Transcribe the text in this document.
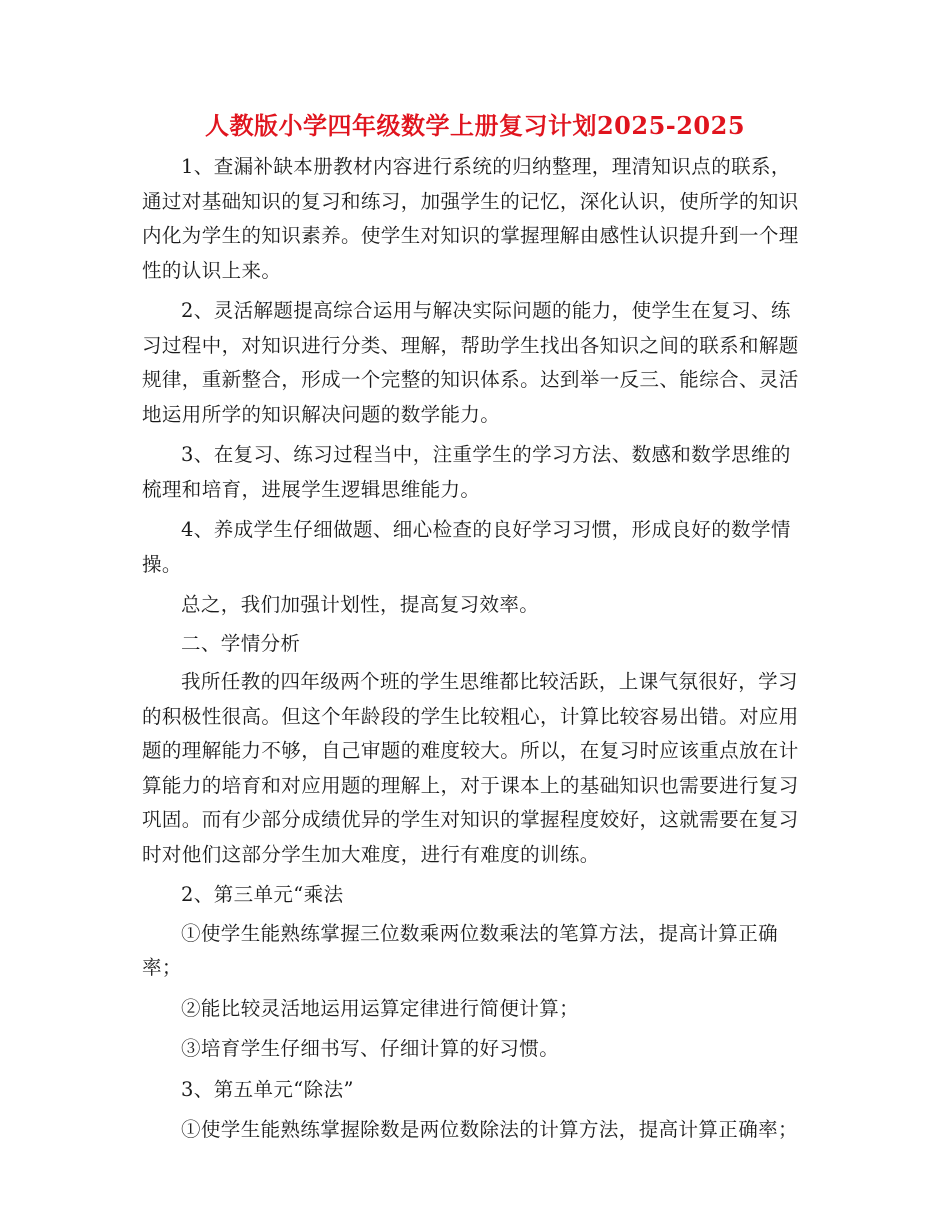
人教版小学四年级数学上册复习计划2025-2025

1、查漏补缺本册教材内容进行系统的归纳整理，理清知识点的联系，通过对基础知识的复习和练习，加强学生的记忆，深化认识，使所学的知识内化为学生的知识素养。使学生对知识的掌握理解由感性认识提升到一个理性的认识上来。

2、灵活解题提高综合运用与解决实际问题的能力，使学生在复习、练习过程中，对知识进行分类、理解，帮助学生找出各知识之间的联系和解题规律，重新整合，形成一个完整的知识体系。达到举一反三、能综合、灵活地运用所学的知识解决问题的数学能力。

3、在复习、练习过程当中，注重学生的学习方法、数感和数学思维的梳理和培育，进展学生逻辑思维能力。

4、养成学生仔细做题、细心检查的良好学习习惯，形成良好的数学情操。

总之，我们加强计划性，提高复习效率。

二、学情分析

我所任教的四年级两个班的学生思维都比较活跃，上课气氛很好，学习的积极性很高。但这个年龄段的学生比较粗心，计算比较容易出错。对应用题的理解能力不够，自己审题的难度较大。所以，在复习时应该重点放在计算能力的培育和对应用题的理解上，对于课本上的基础知识也需要进行复习巩固。而有少部分成绩优异的学生对知识的掌握程度姣好，这就需要在复习时对他们这部分学生加大难度，进行有难度的训练。

2、第三单元“乘法

①使学生能熟练掌握三位数乘两位数乘法的笔算方法，提高计算正确率；

②能比较灵活地运用运算定律进行简便计算；

③培育学生仔细书写、仔细计算的好习惯。

3、第五单元“除法”

①使学生能熟练掌握除数是两位数除法的计算方法，提高计算正确率；
